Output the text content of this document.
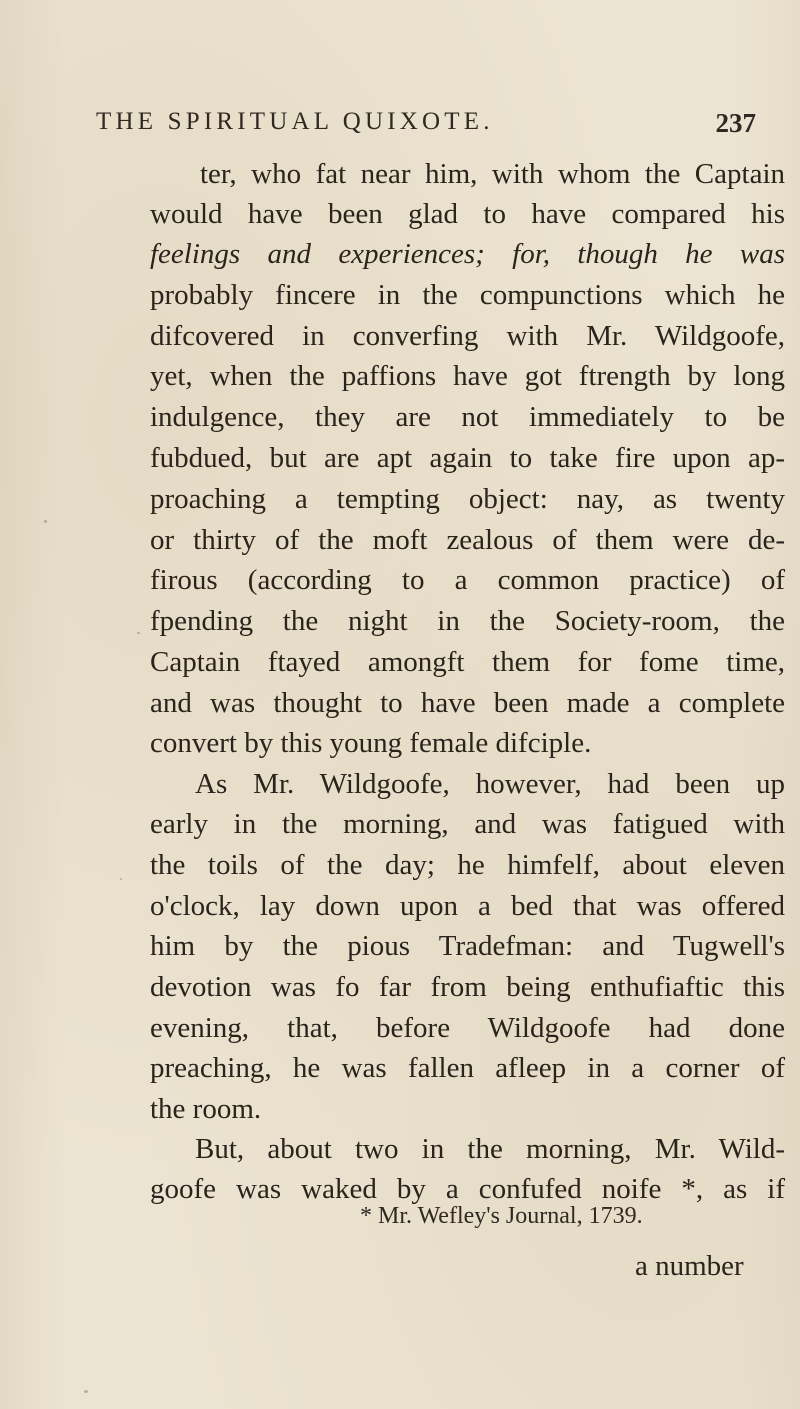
THE SPIRITUAL QUIXOTE.	237
ter, who fat near him, with whom the Captain
would have been glad to have compared his
feelings and experiences; for, though he was
probably fincere in the compunctions which he
difcovered in converfing with Mr. Wildgoofe,
yet, when the paffions have got ftrength by long
indulgence, they are not immediately to be
fubdued, but are apt again to take fire upon ap-
proaching a tempting object: nay, as twenty
or thirty of the moft zealous of them were de-
firous (according to a common practice) of
fpending the night in the Society-room, the
Captain ftayed amongft them for fome time,
and was thought to have been made a complete
convert by this young female difciple.
As Mr. Wildgoofe, however, had been up
early in the morning, and was fatigued with
the toils of the day; he himfelf, about eleven
o'clock, lay down upon a bed that was offered
him by the pious Tradefman: and Tugwell's
devotion was fo far from being enthufiaftic this
evening, that, before Wildgoofe had done
preaching, he was fallen afleep in a corner of
the room.
But, about two in the morning, Mr. Wild-
goofe was waked by a confufed noife *, as if
* Mr. Wefley's Journal, 1739.
a number
